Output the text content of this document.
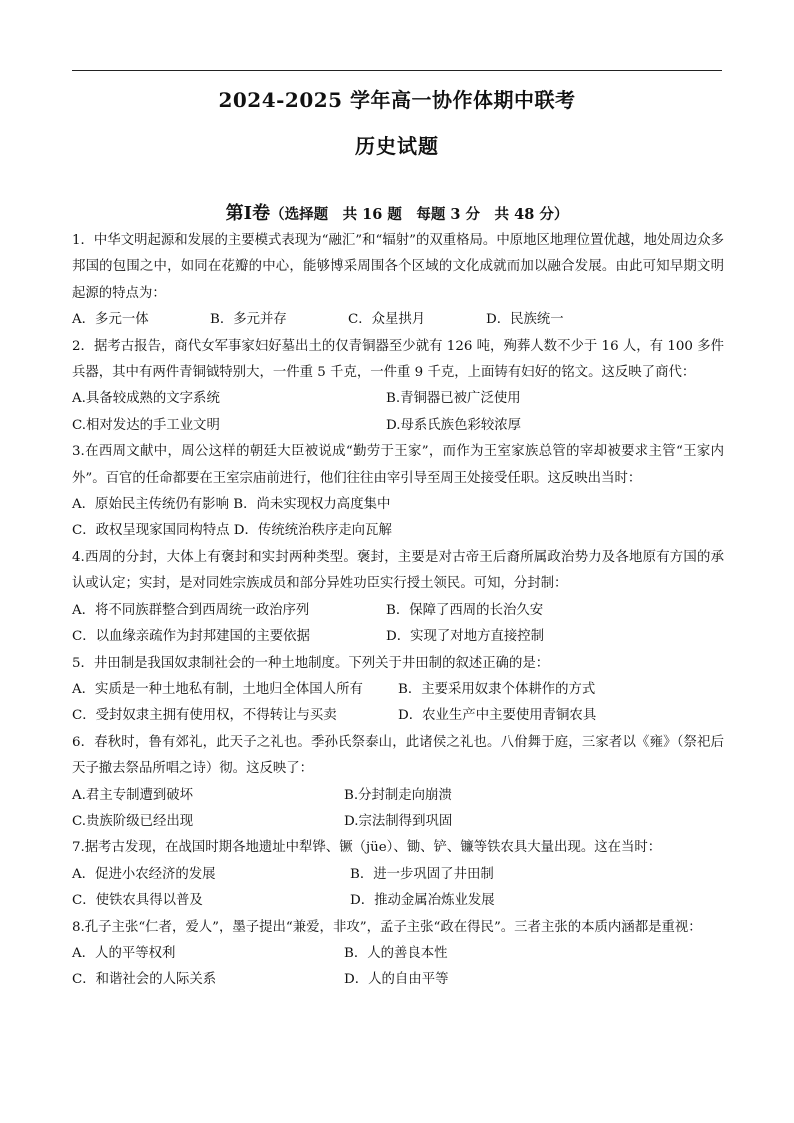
2024-2025 学年高一协作体期中联考
历史试题
第Ⅰ卷（选择题　共 16 题　每题 3 分　共 48 分）
1．中华文明起源和发展的主要模式表现为“融汇”和“辐射”的双重格局。中原地区地理位置优越，地处周边众多邦国的包围之中，如同在花瓣的中心，能够博采周围各个区域的文化成就而加以融合发展。由此可知早期文明起源的特点为：
A．多元一体	B．多元并存	C．众星拱月	D．民族统一
2．据考古报告，商代女军事家妇好墓出土的仅青铜器至少就有 126 吨，殉葬人数不少于 16 人，有 100 多件兵器，其中有两件青铜钺特别大，一件重 5 千克，一件重 9 千克，上面铸有妇好的铭文。这反映了商代：
A.具备较成熟的文字系统	B.青铜器已被广泛使用
C.相对发达的手工业文明	D.母系氏族色彩较浓厚
3.在西周文献中，周公这样的朝廷大臣被说成“勤劳于王家”，而作为王室家族总管的宰却被要求主管“王家内外”。百官的任命都要在王室宗庙前进行，他们往往由宰引导至周王处接受任职。这反映出当时：
A．原始民主传统仍有影响 B．尚未实现权力高度集中
C．政权呈现家国同构特点 D．传统统治秩序走向瓦解
4.西周的分封，大体上有褒封和实封两种类型。褒封，主要是对古帝王后裔所属政治势力及各地原有方国的承认或认定；实封，是对同姓宗族成员和部分异姓功臣实行授土领民。可知，分封制：
A．将不同族群整合到西周统一政治序列	B．保障了西周的长治久安
C．以血缘亲疏作为封邦建国的主要依据	D．实现了对地方直接控制
5．井田制是我国奴隶制社会的一种土地制度。下列关于井田制的叙述正确的是：
A．实质是一种土地私有制，土地归全体国人所有	B．主要采用奴隶个体耕作的方式
C．受封奴隶主拥有使用权，不得转让与买卖	D．农业生产中主要使用青铜农具
6．春秋时，鲁有郊礼，此天子之礼也。季孙氏祭泰山，此诸侯之礼也。八佾舞于庭，三家者以《雍》（祭祀后天子撤去祭品所唱之诗）彻。这反映了：
A.君主专制遭到破坏	B.分封制走向崩溃
C.贵族阶级已经出现	D.宗法制得到巩固
7.据考古发现，在战国时期各地遗址中犁铧、镢（jüe）、锄、铲、镰等铁农具大量出现。这在当时：
A．促进小农经济的发展	B．进一步巩固了井田制
C．使铁农具得以普及	D．推动金属冶炼业发展
8.孔子主张“仁者，爱人”，墨子提出“兼爱，非攻”，孟子主张“政在得民”。三者主张的本质内涵都是重视：
A．人的平等权利	B．人的善良本性
C．和谐社会的人际关系	D．人的自由平等
